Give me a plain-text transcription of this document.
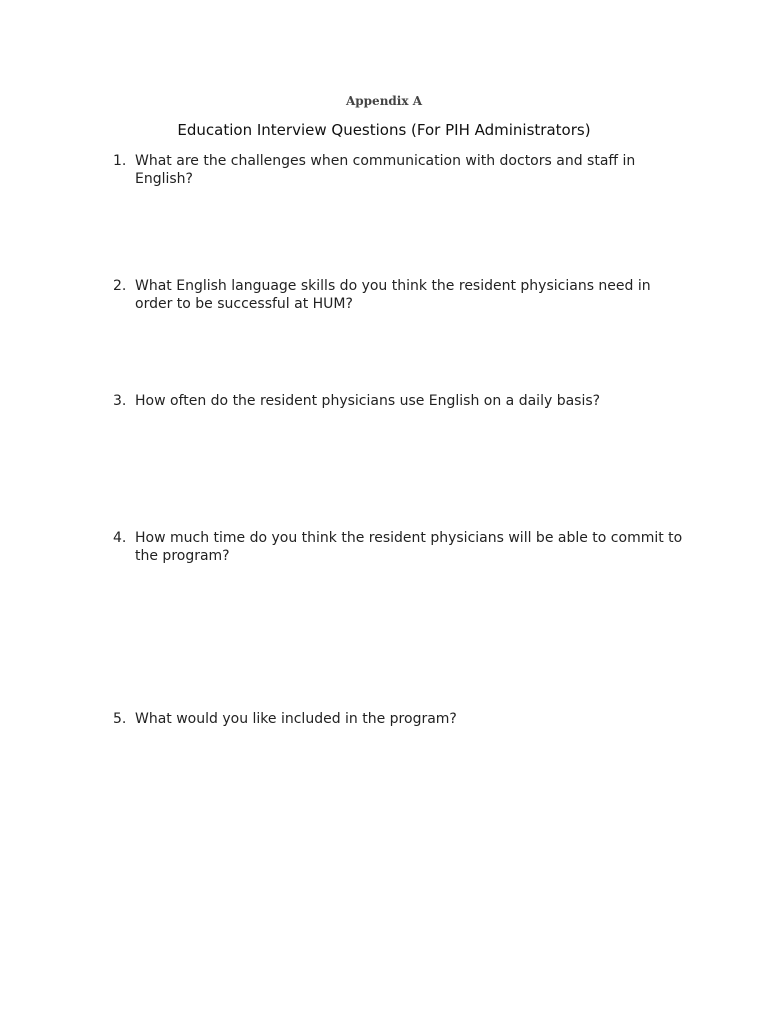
Appendix A
Education Interview Questions (For PIH Administrators)
1. What are the challenges when communication with doctors and staff in English?
2. What English language skills do you think the resident physicians need in order to be successful at HUM?
3. How often do the resident physicians use English on a daily basis?
4. How much time do you think the resident physicians will be able to commit to the program?
5. What would you like included in the program?
